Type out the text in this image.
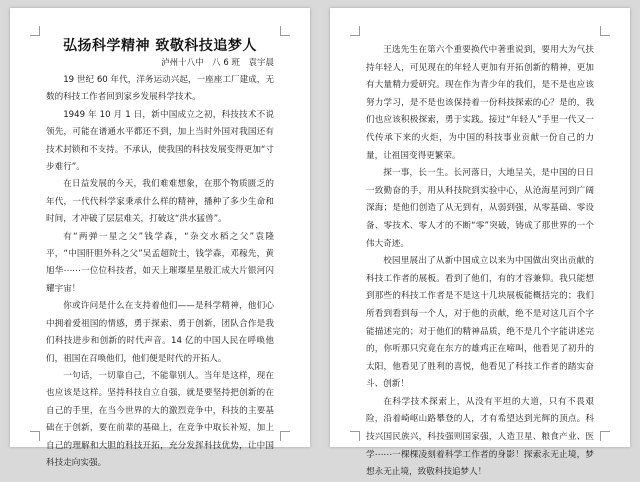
弘扬科学精神 致敬科技追梦人
泸州十八中　八 6 班　袁宇晨

19 世纪 60 年代，洋务运动兴起，一座座工厂建成，无数的科技工作者回到家乡发展科学技术。

1949 年 10 月 1 日，新中国成立之初，科技技术不说领先，可能在谱通水平都还不到，加上当时外国对我国还有技术封锁和不支持。不承认，使我国的科技发展变得更加“寸步难行”。

在日益发展的今天，我们难难想象，在那个物质匮乏的年代，一代代科学家秉承什么样的精神，播种了多少生命和时间，才冲破了层层难关，打破这“洪水猛兽”。

有“两弹一星之父”钱学森，“杂交水稻之父”袁隆平，“中国肝胆外科之父”吴孟超院士，钱学森，邓稼先，黄旭华⋯⋯一位位科技者，如天上璀璨星星般汇成大片银河闪耀宇宙！

你或许问是什么在支持着他们——是科学精神，他们心中拥着爱祖国的情感，勇于探索、勇于创新，团队合作是我们科技进步和创新的时代声音。14 亿的中国人民在呼唤他们，祖国在召唤他们，他们便是时代的开拓人。

一句话，一切靠自己，不能靠别人。当年是这样，现在也应该是这样。坚持科技自立自强，就是要坚持把创新的在自己的手里，在当今世界的大的激烈竞争中，科技的主要基础在于创新，要在前辈的基础上，在竞争中取长补短，加上自己的理解和大胆的科技开拓，充分发挥科技优势，让中国科技走向实强。

王选先生在第六个重要换代中著重说到，要用大为气扶持年轻人，可见现在的年轻人更加有开拓创新的精神，更加有大量精力爱研究。现在作为青少年的我们，是不是也应该努力学习，是不是也该保持着一份科技探索的心？是的，我们也应该积极探索，勇于实践。接过“年轻人”手里一代又一代传承下来的火炬，为中国的科技事业贡献一份自己的力量，让祖国变得更繁荣。

探一事，长一生。长河落日，大地呈关，是中国的日日一致勤奋的手，用从科技院到实验中心，从沧海星河到广阔深海；是他们创造了从无到有，从弱到强，从零基础、零设备、零技术、零人才的不断“零”突破，铸成了那世界的一个伟大奇迹。

校园里展出了从新中国成立以来为中国做出突出贡献的科技工作者的展板。看到了他们，有的才容兼仰。我只能想到那些的科技工作者是不是这十几块展板能概括完的；我们所看到看到每一个人，对于他的贡献，绝不是对这几百个字能描述完的；对于他们的精神品质，绝不是几个字能讲述完的，你听那只究竟在东方的雄鸡正在啼叫，他看见了初升的太阳，他看见了胜利的喜悦，他看见了科技工作者的踏实奋斗、创新！

在科学技术探索上，从没有平坦的大道，只有不畏艰险，沿着崎岖山路攀登的人，才有希望达到光辉的顶点。科技兴国民族兴，科技强则国家强，人造卫星、粮食产业、医学⋯⋯一棵棵凌刻着科学工作者的身影！探索永无止境，梦想永无止境，致敬科技追梦人！
